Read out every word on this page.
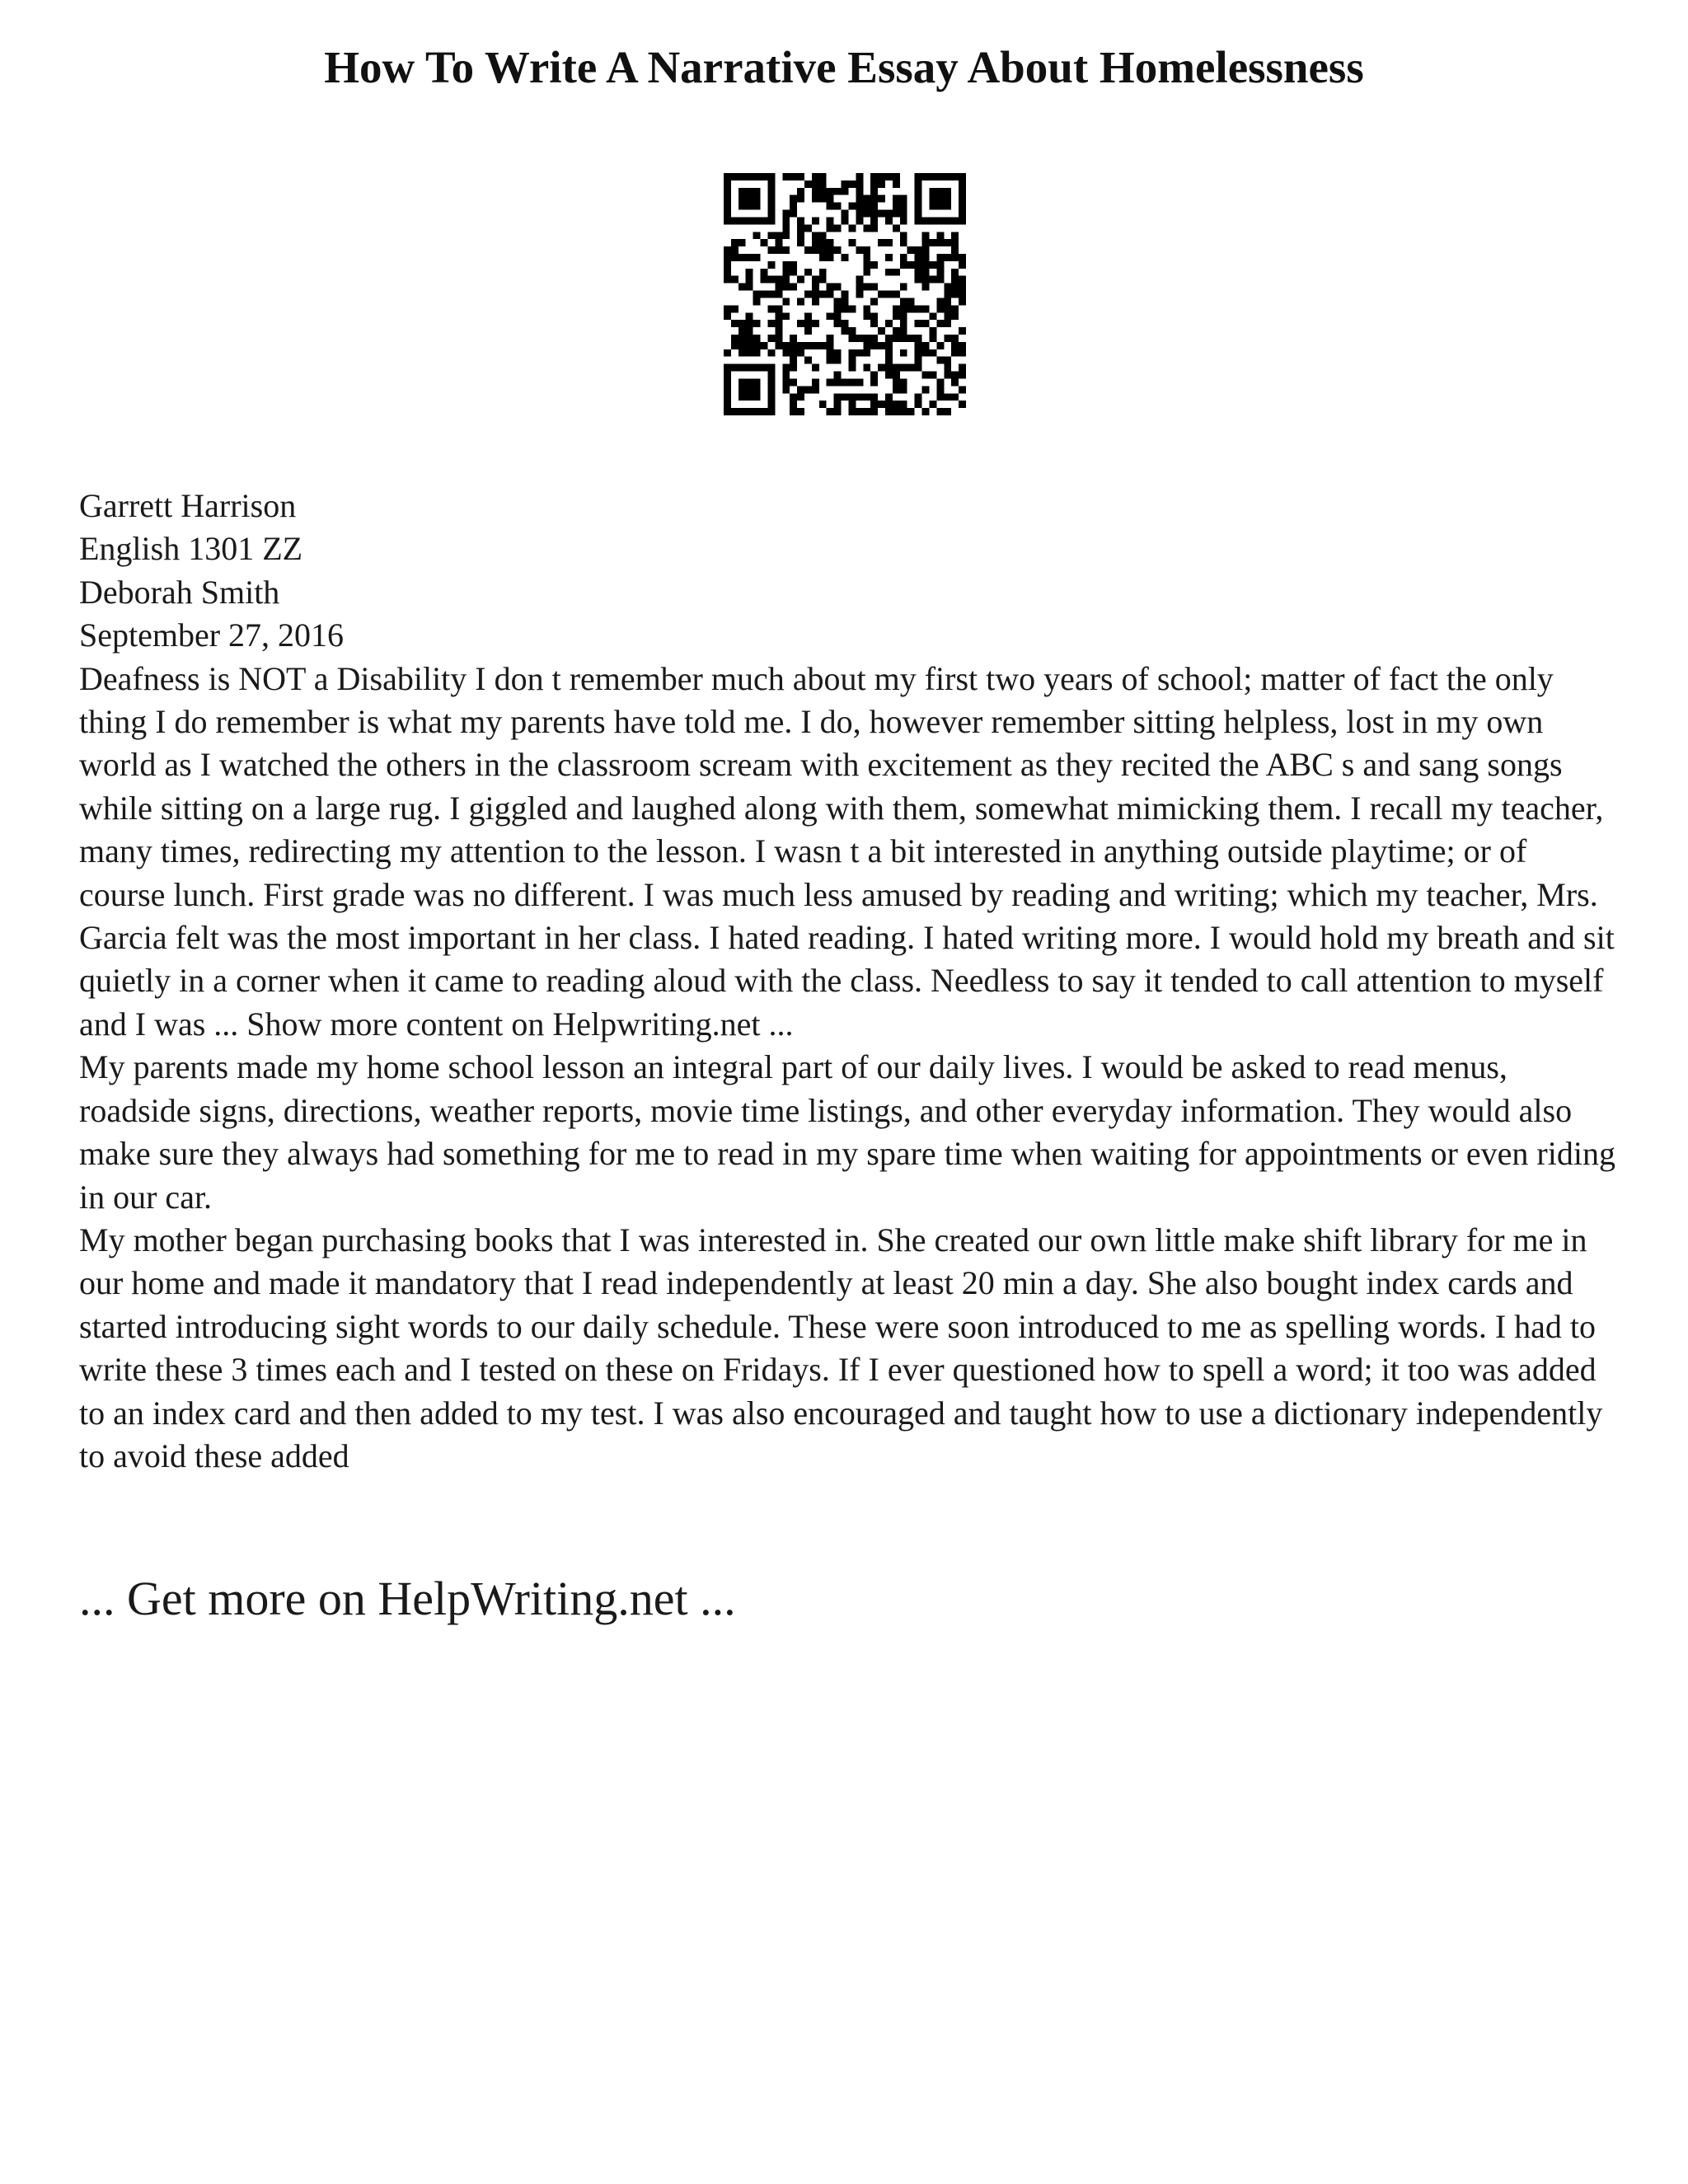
How To Write A Narrative Essay About Homelessness

Garrett Harrison

English 1301 ZZ

Deborah Smith

September 27, 2016

Deafness is NOT a Disability I don t remember much about my first two years of school; matter of fact the only thing I do remember is what my parents have told me. I do, however remember sitting helpless, lost in my own world as I watched the others in the classroom scream with excitement as they recited the ABC s and sang songs while sitting on a large rug. I giggled and laughed along with them, somewhat mimicking them. I recall my teacher, many times, redirecting my attention to the lesson. I wasn t a bit interested in anything outside playtime; or of course lunch. First grade was no different. I was much less amused by reading and writing; which my teacher, Mrs. Garcia felt was the most important in her class. I hated reading. I hated writing more. I would hold my breath and sit quietly in a corner when it came to reading aloud with the class. Needless to say it tended to call attention to myself and I was ... Show more content on Helpwriting.net ...

My parents made my home school lesson an integral part of our daily lives. I would be asked to read menus, roadside signs, directions, weather reports, movie time listings, and other everyday information. They would also make sure they always had something for me to read in my spare time when waiting for appointments or even riding in our car.

My mother began purchasing books that I was interested in. She created our own little make shift library for me in our home and made it mandatory that I read independently at least 20 min a day. She also bought index cards and started introducing sight words to our daily schedule. These were soon introduced to me as spelling words. I had to write these 3 times each and I tested on these on Fridays. If I ever questioned how to spell a word; it too was added to an index card and then added to my test. I was also encouraged and taught how to use a dictionary independently to avoid these added

... Get more on HelpWriting.net ...
